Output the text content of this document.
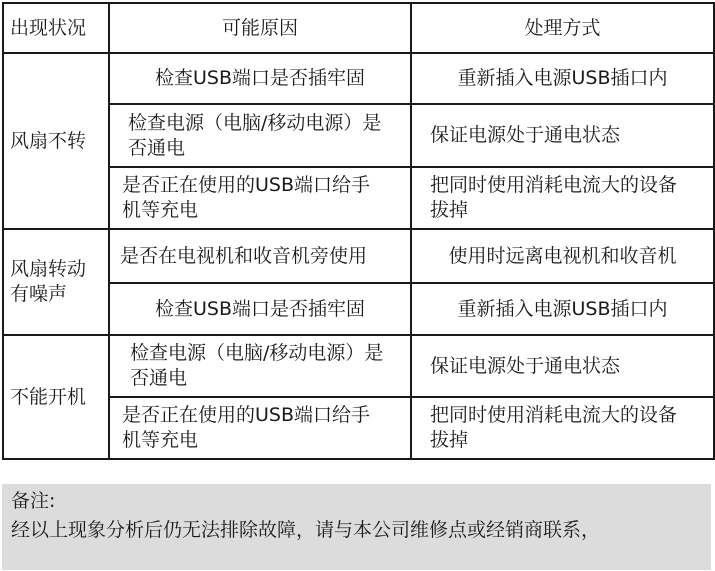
出现状况	可能原因	处理方式
风扇不转	检查USB端口是否插牢固	重新插入电源USB插口内
	检查电源（电脑/移动电源）是否通电	保证电源处于通电状态
	是否正在使用的USB端口给手机等充电	把同时使用消耗电流大的设备拔掉
风扇转动有噪声	是否在电视机和收音机旁使用	使用时远离电视机和收音机
	检查USB端口是否插牢固	重新插入电源USB插口内
不能开机	检查电源（电脑/移动电源）是否通电	保证电源处于通电状态
	是否正在使用的USB端口给手机等充电	把同时使用消耗电流大的设备拔掉
备注:
经以上现象分析后仍无法排除故障，请与本公司维修点或经销商联系，
